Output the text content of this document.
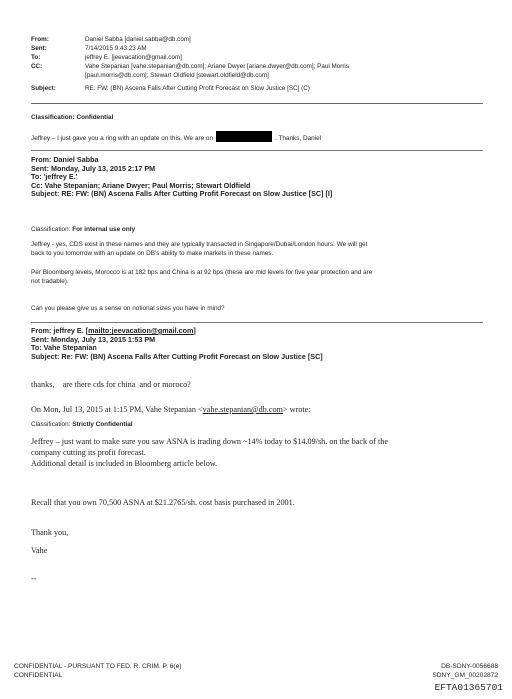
From:	Daniel Sabba [daniel.sabba@db.com]
Sent:	7/14/2015 9:43:23 AM
To:	jeffrey E. [jeevacation@gmail.com]
CC:	Vahe Stepanian [vahe.stepanian@db.com]; Ariane Dwyer [ariane.dwyer@db.com]; Paul Morris
[paul.morris@db.com]; Stewart Oldfield [stewart.oldfield@db.com]
Subject:	RE: FW: (BN) Ascena Falls After Cutting Profit Forecast on Slow Justice [SC] (C)
Classification: Confidential
Jeffrey – I just gave you a ring with an update on this. We are on	. Thanks, Daniel
From: Daniel Sabba
Sent: Monday, July 13, 2015 2:17 PM
To: 'jeffrey E.'
Cc: Vahe Stepanian; Ariane Dwyer; Paul Morris; Stewart Oldfield
Subject: RE: FW: (BN) Ascena Falls After Cutting Profit Forecast on Slow Justice [SC] [I]
Classification: For internal use only
Jeffrey - yes, CDS exist in these names and they are typically transacted in Singapore/Dubai/London hours. We will get
back to you tomorrow with an update on DB's ability to make markets in these names.
Per Bloomberg levels, Morocco is at 182 bps and China is at 92 bps (these are mid levels for five year protection and are
not tradable).
Can you please give us a sense on notional sizes you have in mind?
From: jeffrey E. [mailto:jeevacation@gmail.com]
Sent: Monday, July 13, 2015 1:53 PM
To: Vahe Stepanian
Subject: Re: FW: (BN) Ascena Falls After Cutting Profit Forecast on Slow Justice [SC]
thanks,    are there cds for china  and or moroco?
On Mon, Jul 13, 2015 at 1:15 PM, Vahe Stepanian <vahe.stepanian@db.com> wrote:
Classification: Strictly Confidential
Jeffrey – just want to make sure you saw ASNA is trading down ~14% today to $14.09/sh. on the back of the
company cutting its profit forecast.
Additional detail is included in Bloomberg article below.
Recall that you own 70,500 ASNA at $21.2765/sh. cost basis purchased in 2001.
Thank you,
Vahe
--
CONFIDENTIAL - PURSUANT TO FED. R. CRIM. P. 6(e)
CONFIDENTIAL
DB-SDNY-0056688
SDNY_GM_00202872
EFTA01365701
